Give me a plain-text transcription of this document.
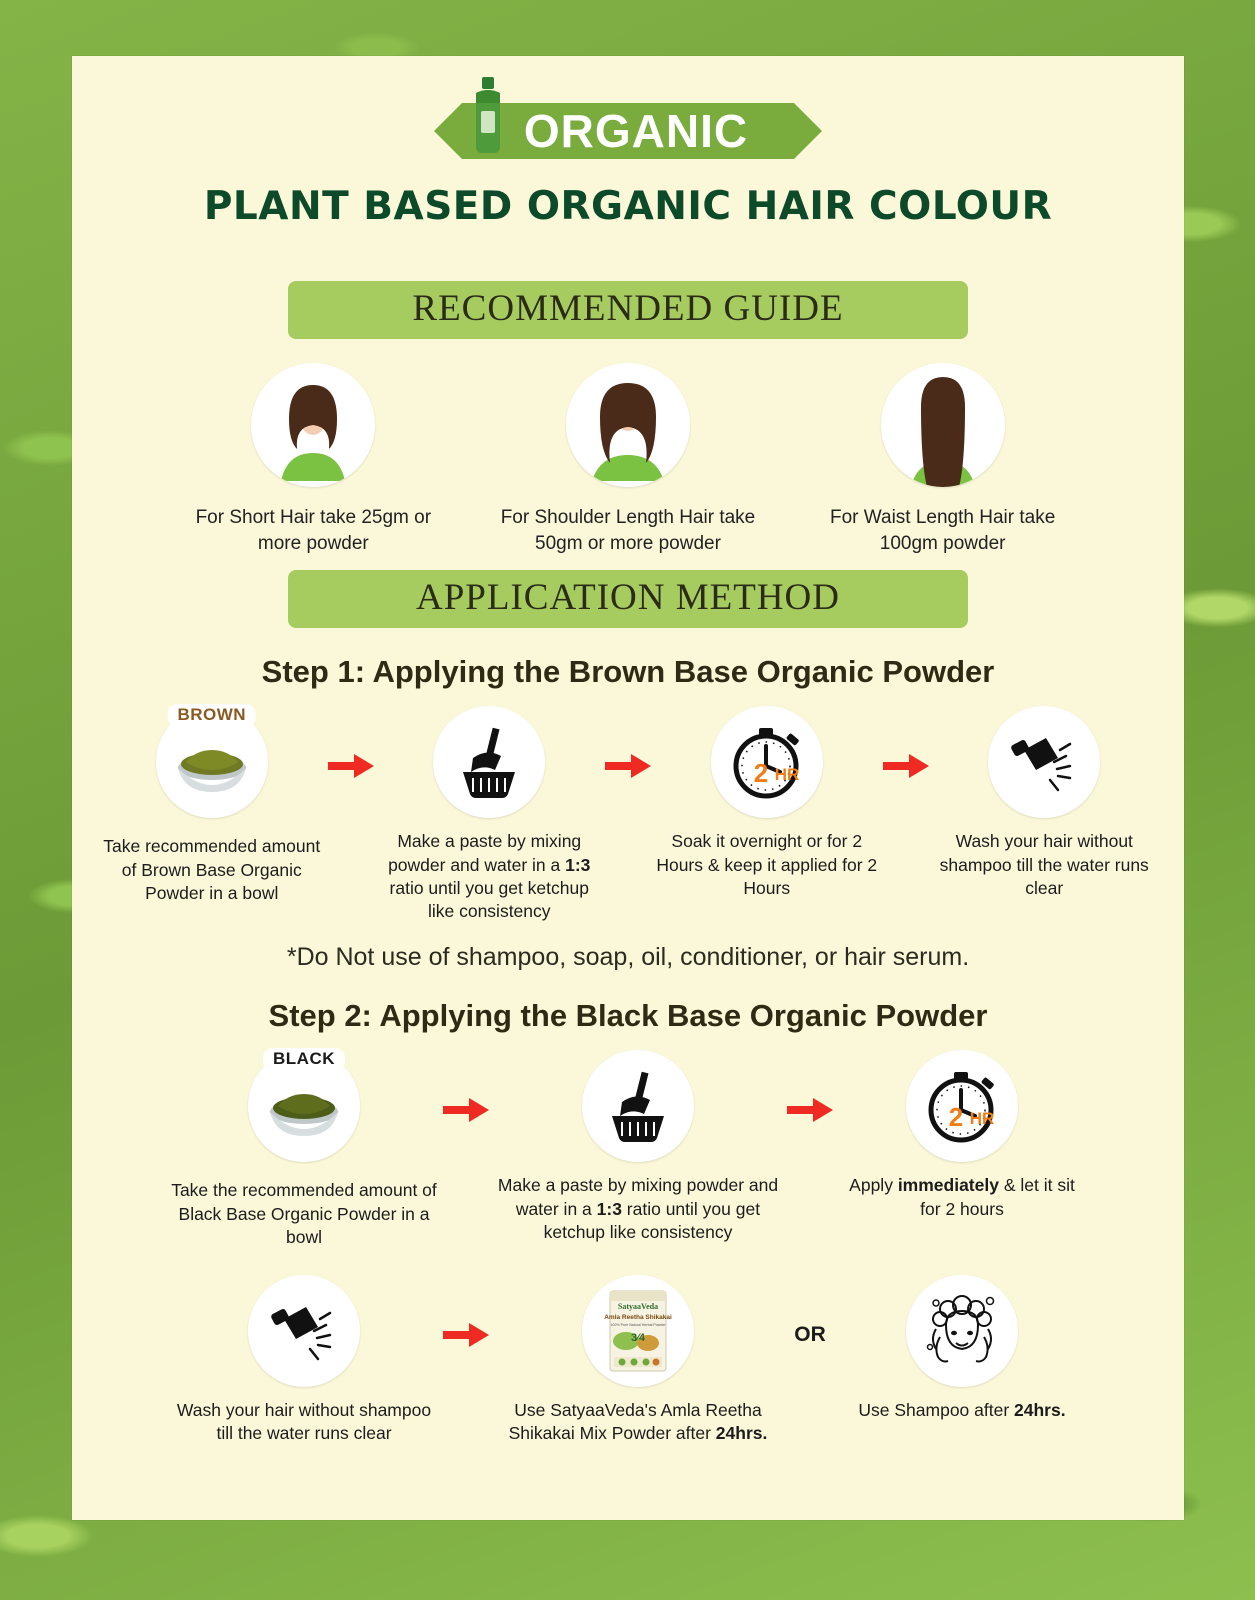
ORGANIC
PLANT BASED ORGANIC HAIR COLOUR
RECOMMENDED GUIDE
For Short Hair take 25gm or more powder
For Shoulder Length Hair take 50gm or more powder
For Waist Length Hair take 100gm powder
APPLICATION METHOD
Step 1: Applying the Brown Base Organic Powder
BROWN
Take recommended amount of Brown Base Organic Powder in a bowl
Make a paste by mixing powder and water in a 1:3 ratio until you get ketchup like consistency
2 HR
Soak it overnight or for 2 Hours & keep it applied for 2 Hours
Wash your hair without shampoo till the water runs clear
*Do Not use of shampoo, soap, oil, conditioner, or hair serum.
Step 2: Applying the Black Base Organic Powder
BLACK
Take the recommended amount of Black Base Organic Powder in a bowl
Make a paste by mixing powder and water in a 1:3 ratio until you get ketchup like consistency
2 HR
Apply immediately & let it sit for 2 hours
Wash your hair without shampoo till the water runs clear
SatyaaVeda
Amla Reetha Shikakai
100% Pure Natural Herbal Powder
3⁄4
Use SatyaaVeda's Amla Reetha Shikakai Mix Powder after 24hrs.
OR
Use Shampoo after 24hrs.
